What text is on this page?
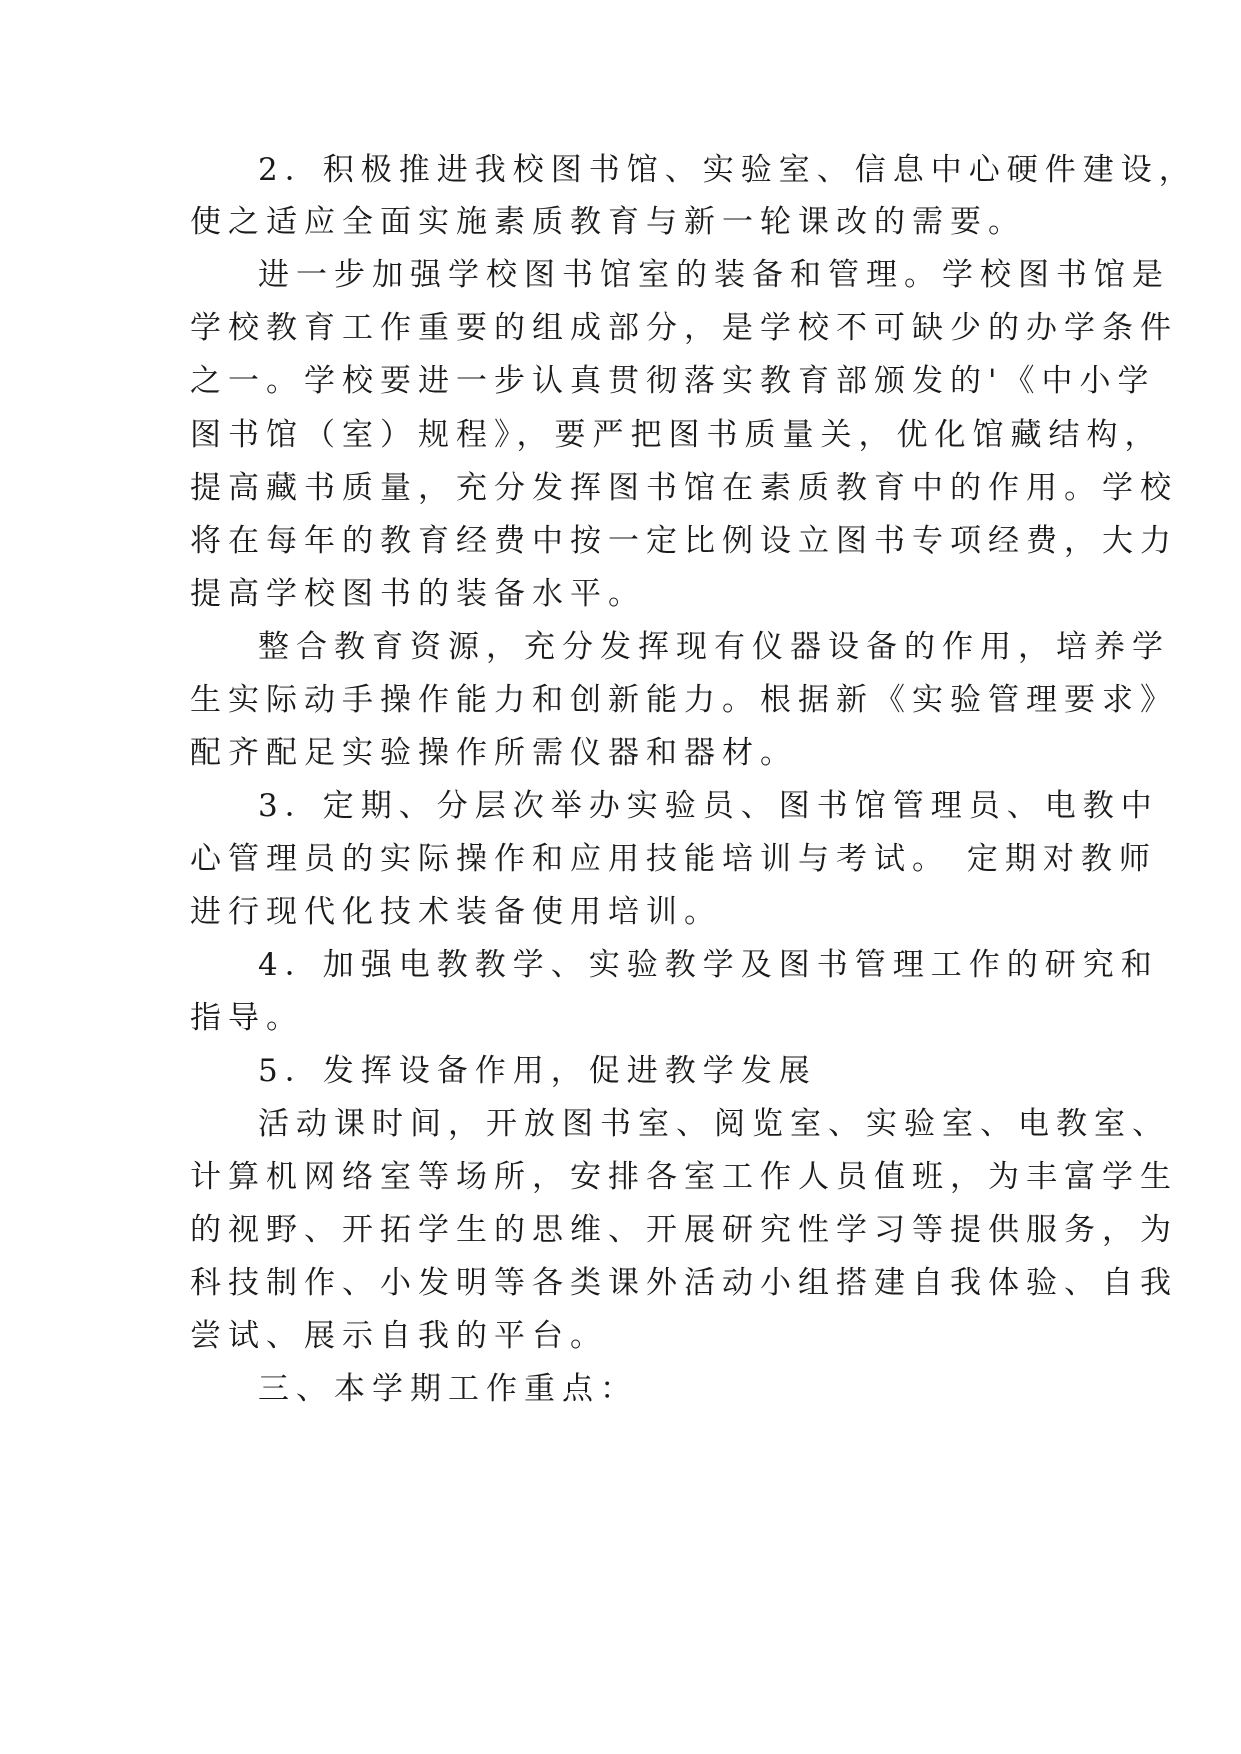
2．积极推进我校图书馆、实验室、信息中心硬件建设，
使之适应全面实施素质教育与新一轮课改的需要。
进一步加强学校图书馆室的装备和管理。学校图书馆是
学校教育工作重要的组成部分，是学校不可缺少的办学条件
之一。学校要进一步认真贯彻落实教育部颁发的'《中小学
图书馆（室）规程》，要严把图书质量关，优化馆藏结构，
提高藏书质量，充分发挥图书馆在素质教育中的作用。学校
将在每年的教育经费中按一定比例设立图书专项经费，大力
提高学校图书的装备水平。
整合教育资源，充分发挥现有仪器设备的作用，培养学
生实际动手操作能力和创新能力。根据新《实验管理要求》
配齐配足实验操作所需仪器和器材。
3．定期、分层次举办实验员、图书馆管理员、电教中
心管理员的实际操作和应用技能培训与考试。 定期对教师
进行现代化技术装备使用培训。
4．加强电教教学、实验教学及图书管理工作的研究和
指导。
5．发挥设备作用，促进教学发展
活动课时间，开放图书室、阅览室、实验室、电教室、
计算机网络室等场所，安排各室工作人员值班，为丰富学生
的视野、开拓学生的思维、开展研究性学习等提供服务，为
科技制作、小发明等各类课外活动小组搭建自我体验、自我
尝试、展示自我的平台。
三、本学期工作重点：
